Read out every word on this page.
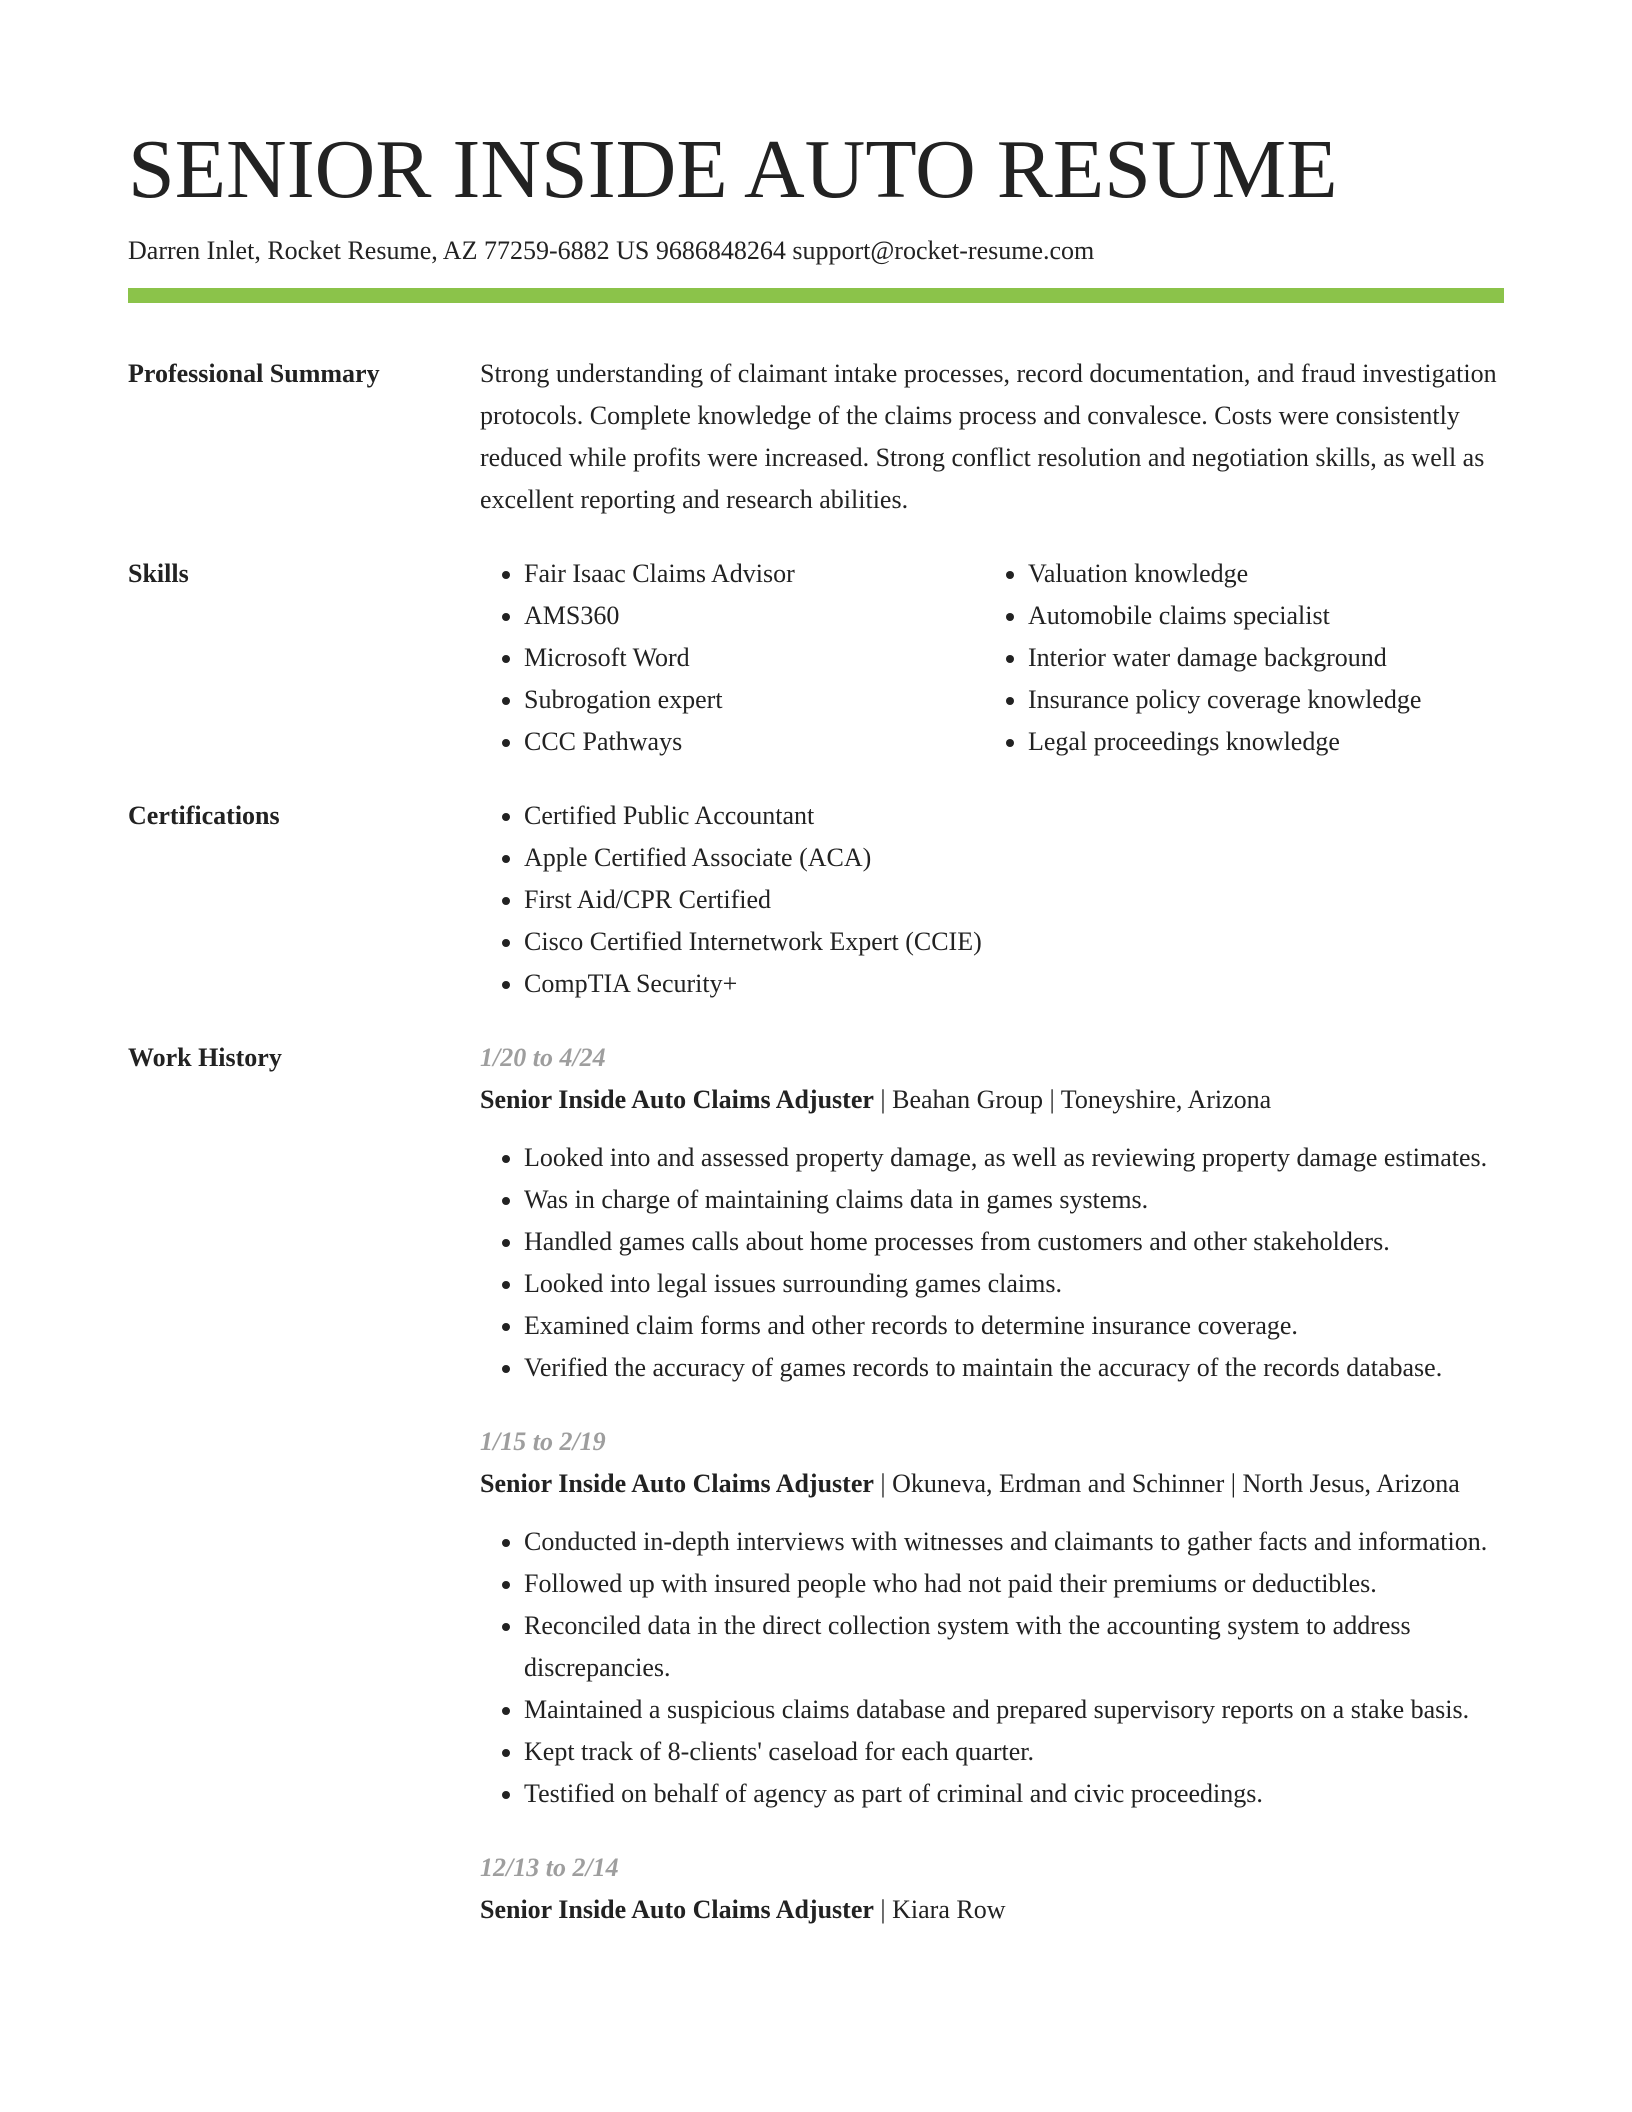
SENIOR INSIDE AUTO RESUME
Darren Inlet, Rocket Resume, AZ 77259-6882 US 9686848264 support@rocket-resume.com
Professional Summary	Strong understanding of claimant intake processes, record documentation, and fraud investigation protocols. Complete knowledge of the claims process and convalesce. Costs were consistently reduced while profits were increased. Strong conflict resolution and negotiation skills, as well as excellent reporting and research abilities.
Skills	• Fair Isaac Claims Advisor
• AMS360
• Microsoft Word
• Subrogation expert
• CCC Pathways
• Valuation knowledge
• Automobile claims specialist
• Interior water damage background
• Insurance policy coverage knowledge
• Legal proceedings knowledge
Certifications	• Certified Public Accountant
• Apple Certified Associate (ACA)
• First Aid/CPR Certified
• Cisco Certified Internetwork Expert (CCIE)
• CompTIA Security+
Work History	1/20 to 4/24
Senior Inside Auto Claims Adjuster | Beahan Group | Toneyshire, Arizona
• Looked into and assessed property damage, as well as reviewing property damage estimates.
• Was in charge of maintaining claims data in games systems.
• Handled games calls about home processes from customers and other stakeholders.
• Looked into legal issues surrounding games claims.
• Examined claim forms and other records to determine insurance coverage.
• Verified the accuracy of games records to maintain the accuracy of the records database.
1/15 to 2/19
Senior Inside Auto Claims Adjuster | Okuneva, Erdman and Schinner | North Jesus, Arizona
• Conducted in-depth interviews with witnesses and claimants to gather facts and information.
• Followed up with insured people who had not paid their premiums or deductibles.
• Reconciled data in the direct collection system with the accounting system to address discrepancies.
• Maintained a suspicious claims database and prepared supervisory reports on a stake basis.
• Kept track of 8-clients' caseload for each quarter.
• Testified on behalf of agency as part of criminal and civic proceedings.
12/13 to 2/14
Senior Inside Auto Claims Adjuster | Kiara Row
